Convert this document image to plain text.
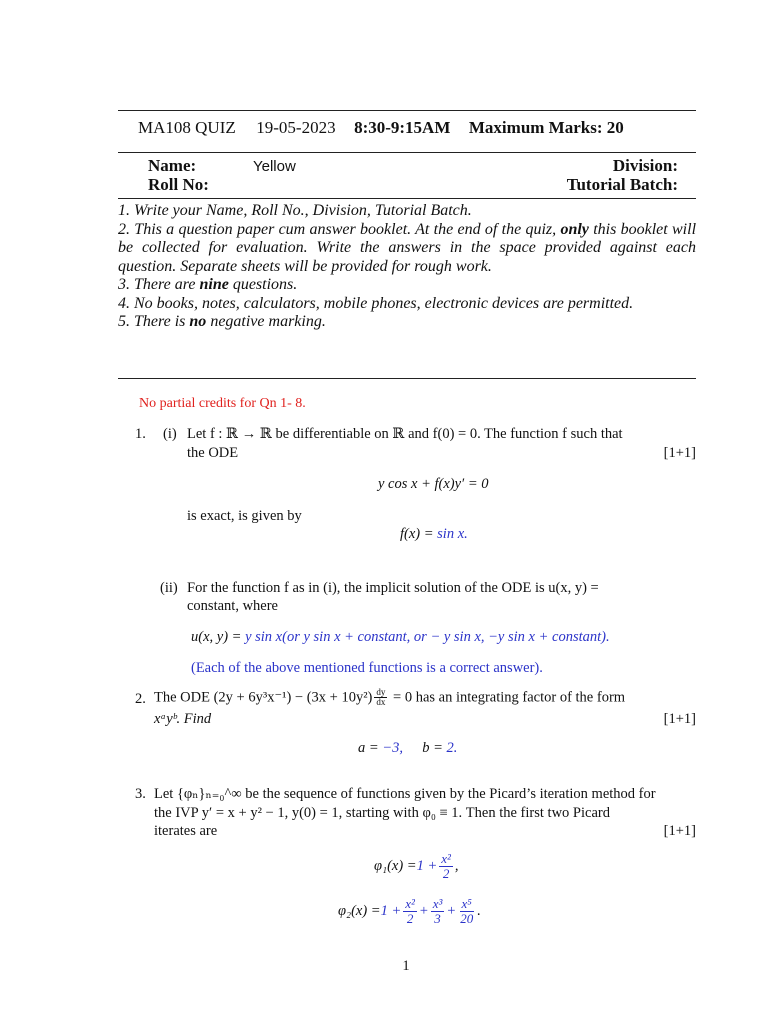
MA108 QUIZ 19-05-2023 8:30-9:15AM Maximum Marks: 20
Name:	Yellow	Division:
Roll No:	Tutorial Batch:

1. Write your Name, Roll No., Division, Tutorial Batch.

2. This a question paper cum answer booklet. At the end of the quiz, only this booklet will be collected for evaluation. Write the answers in the space provided against each question. Separate sheets will be provided for rough work.

3. There are nine questions.

4. No books, notes, calculators, mobile phones, electronic devices are permitted.

5. There is no negative marking.

No partial credits for Qn 1- 8.
1. (i) Let f : ℝ → ℝ be differentiable on ℝ and f(0) = 0. The function f such that
the ODE	[1+1]
y cos x + f(x)y′ = 0
is exact, is given by
f(x) = sin x.
(ii) For the function f as in (i), the implicit solution of the ODE is u(x, y) =
constant, where
u(x, y) = y sin x(or y sin x + constant, or − y sin x, −y sin x + constant).
(Each of the above mentioned functions is a correct answer).
2. The ODE $(2y + 6y^3x^{-1}) - (3x + 10y^2) \frac{dy}{dx} = 0$ has an integrating factor of the form
xᵃyᵇ. Find	[1+1]
a = −3, b = 2.
3. Let {φₙ}ₙ₌₀^∞ be the sequence of functions given by the Picard’s iteration method for
the IVP y′ = x + y² − 1, y(0) = 1, starting with φ₀ ≡ 1. Then the first two Picard
iterates are	[1+1]
$\varphi_1(x) = 1 + \frac{\text{x²}}{2}$ ,
$\varphi_2(x) = 1 + \frac{\text{x²}}{2} + \frac{\text{x³}}{3} + \frac{\text{x⁵}}{20}$ .
1
